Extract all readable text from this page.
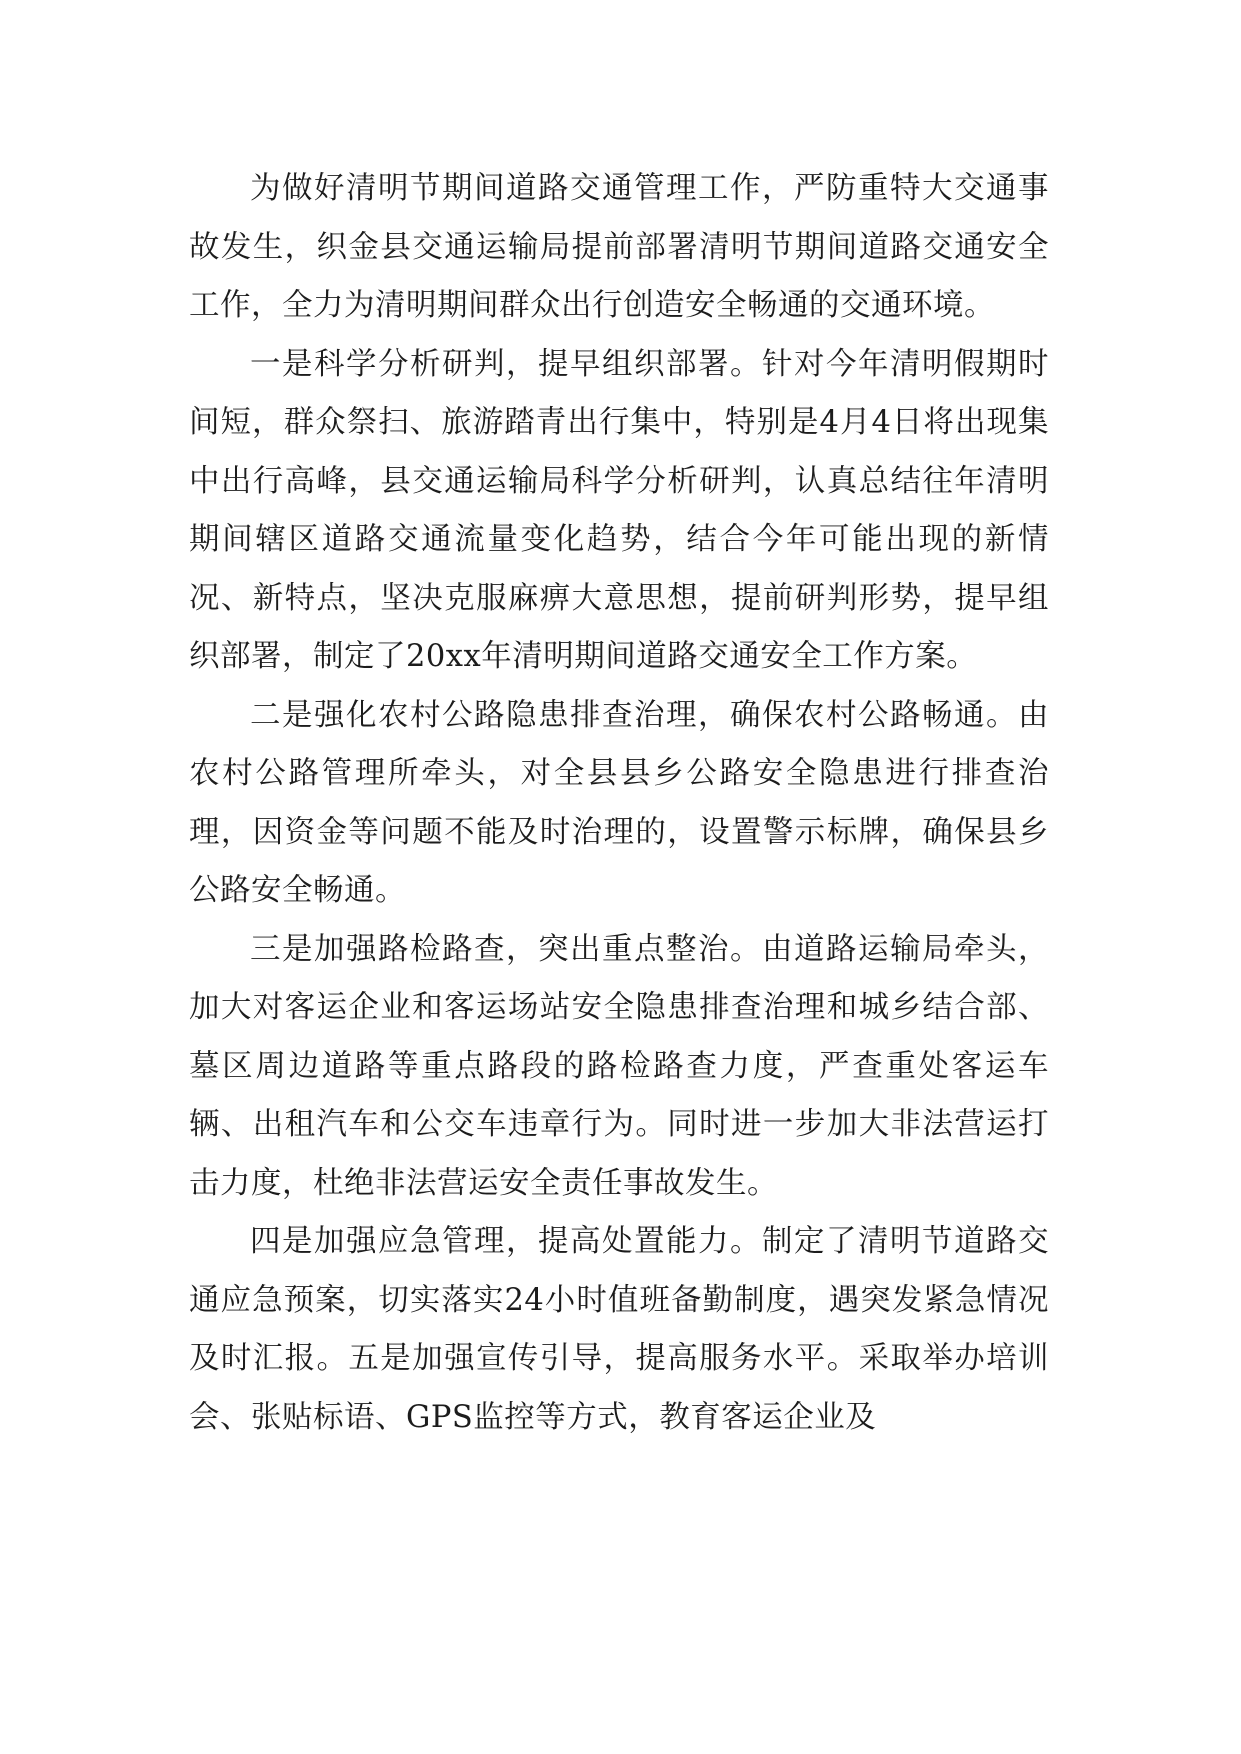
为做好清明节期间道路交通管理工作，严防重特大交通事故发生，织金县交通运输局提前部署清明节期间道路交通安全工作，全力为清明期间群众出行创造安全畅通的交通环境。

一是科学分析研判，提早组织部署。针对今年清明假期时间短，群众祭扫、旅游踏青出行集中，特别是4月4日将出现集中出行高峰，县交通运输局科学分析研判，认真总结往年清明期间辖区道路交通流量变化趋势，结合今年可能出现的新情况、新特点，坚决克服麻痹大意思想，提前研判形势，提早组织部署，制定了20xx年清明期间道路交通安全工作方案。

二是强化农村公路隐患排查治理，确保农村公路畅通。由农村公路管理所牵头，对全县县乡公路安全隐患进行排查治理，因资金等问题不能及时治理的，设置警示标牌，确保县乡公路安全畅通。

三是加强路检路查，突出重点整治。由道路运输局牵头，加大对客运企业和客运场站安全隐患排查治理和城乡结合部、墓区周边道路等重点路段的路检路查力度，严查重处客运车辆、出租汽车和公交车违章行为。同时进一步加大非法营运打击力度，杜绝非法营运安全责任事故发生。

四是加强应急管理，提高处置能力。制定了清明节道路交通应急预案，切实落实24小时值班备勤制度，遇突发紧急情况及时汇报。五是加强宣传引导，提高服务水平。采取举办培训会、张贴标语、GPS监控等方式，教育客运企业及
